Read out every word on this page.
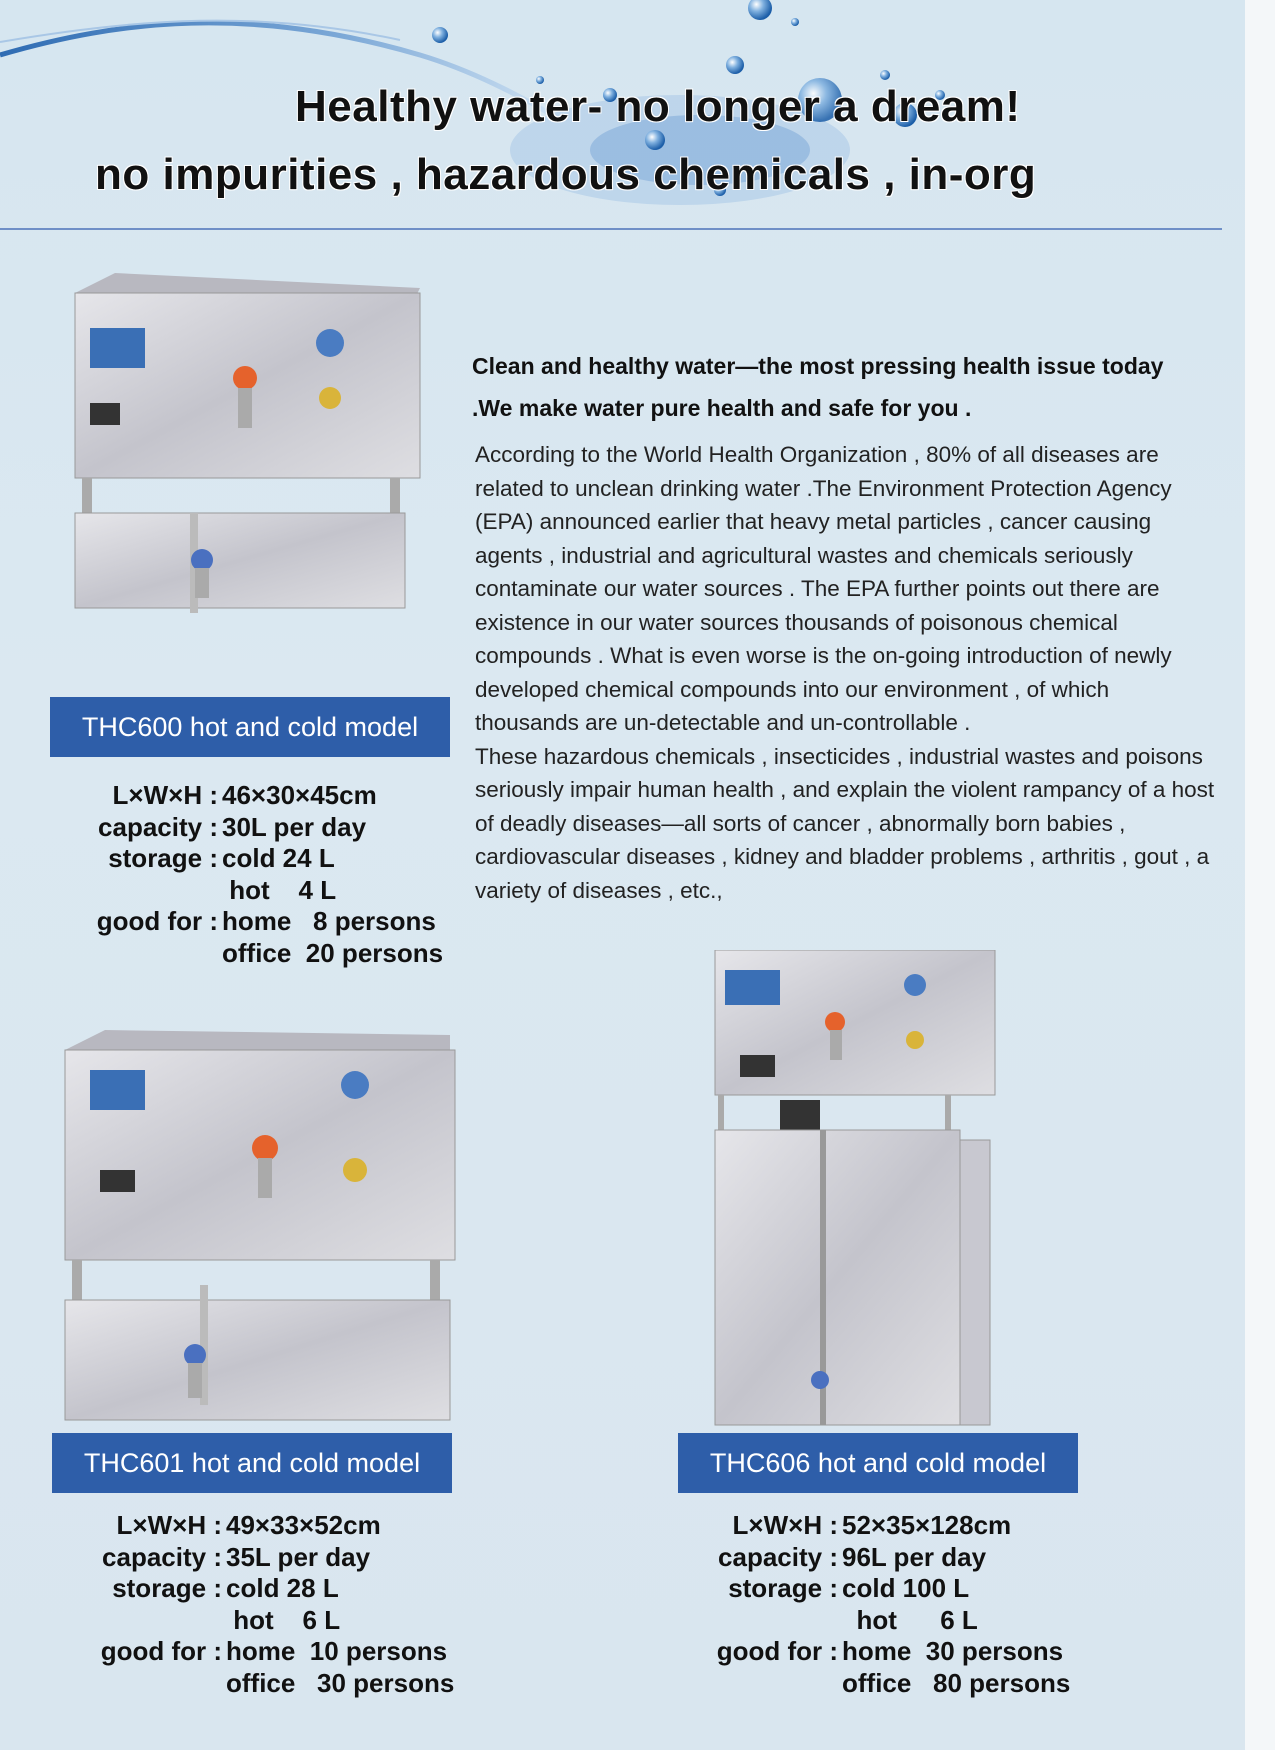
Healthy water- no longer a dream!
no impurities , hazardous chemicals , in-org
Clean and healthy water—the most pressing health issue today .We make water pure health and safe for you .

According to the World Health Organization , 80% of all diseases are related to unclean drinking water .The Environment Protection Agency (EPA) announced earlier that heavy metal particles , cancer causing agents , industrial and agricultural wastes and chemicals seriously contaminate our water sources . The EPA further points out there are existence in our water sources thousands of poisonous chemical compounds . What is even worse is the on-going introduction of newly developed chemical compounds into our environment , of which thousands are un-detectable and un-controllable .

These hazardous chemicals , insecticides , industrial wastes and poisons seriously impair human health , and explain the violent rampancy of a host of deadly diseases—all sorts of cancer , abnormally born babies , cardiovascular diseases , kidney and bladder problems , arthritis , gout , a variety of diseases , etc.,

THC600 hot and cold model
L×W×H : 46×30×45cm
capacity : 30L per day
storage : cold 24 L
hot    4 L
good for : home   8 persons
office  20 persons
THC601 hot and cold model
L×W×H : 49×33×52cm
capacity : 35L per day
storage : cold 28 L
hot    6 L
good for : home  10 persons
office   30 persons
THC606 hot and cold model
L×W×H : 52×35×128cm
capacity : 96L per day
storage : cold 100 L
hot      6 L
good for : home  30 persons
office   80 persons
